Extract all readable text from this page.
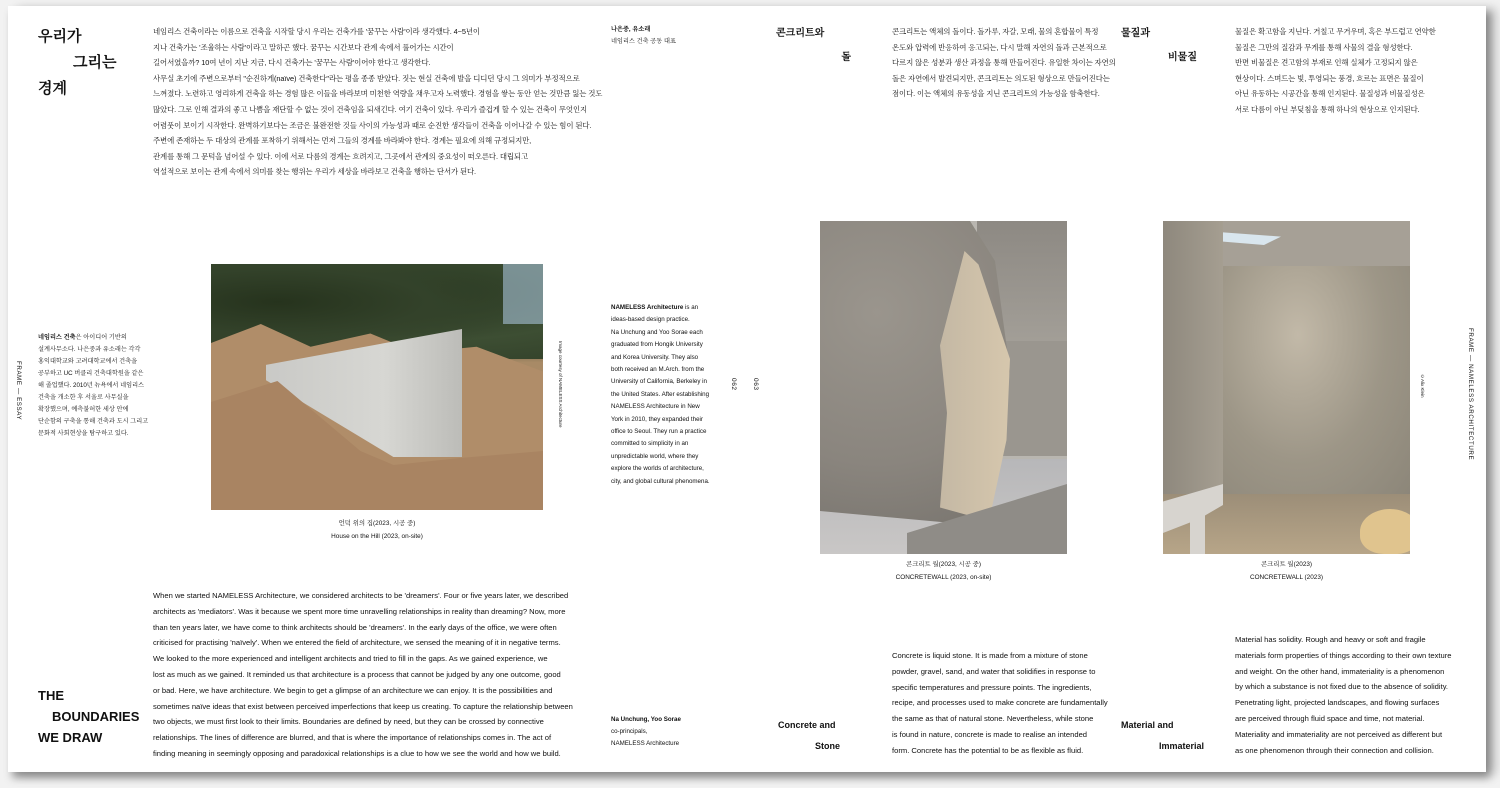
우리가
그리는
경계
네임리스 건축이라는 이름으로 건축을 시작할 당시 우리는 건축가를 '꿈꾸는 사람'이라 생각했다. 4~5년이
지나 건축가는 '조율하는 사람'이라고 말하곤 했다. 꿈꾸는 시간보다 관계 속에서 풀어가는 시간이
길어서였을까? 10여 년이 지난 지금, 다시 건축가는 '꿈꾸는 사람'이어야 한다고 생각한다.
사무실 초기에 주변으로부터 "순진하게(naïve) 건축한다"라는 평을 종종 받았다. 짓는 현실 건축에 발을 디디던 당시 그 의미가 부정적으로
느껴졌다. 노련하고 영리하게 건축을 하는 경험 많은 이들을 바라보며 미천한 역량을 채우고자 노력했다. 경험을 쌓는 동안 얻는 것만큼 잃는 것도
많았다. 그로 인해 결과의 좋고 나쁨을 재단할 수 없는 것이 건축임을 되새긴다. 여기 건축이 있다. 우리가 즐겁게 할 수 있는 건축이 무엇인지
어렴풋이 보이기 시작한다. 완벽하기보다는 조금은 불완전한 것들 사이의 가능성과 때로 순진한 생각들이 건축을 이어나갈 수 있는 힘이 된다.
주변에 존재하는 두 대상의 관계를 포착하기 위해서는 먼저 그들의 경계를 바라봐야 한다. 경계는 필요에 의해 규정되지만,
관계를 통해 그 문턱을 넘어설 수 있다. 이에 서로 다름의 경계는 흐려지고, 그곳에서 관계의 중요성이 떠오른다. 대립되고
역설적으로 보이는 관계 속에서 의미를 찾는 행위는 우리가 세상을 바라보고 건축을 행하는 단서가 된다.
FRAME — ESSAY
네임리스 건축은 아이디어 기반의
설계사무소다. 나은중과 유소래는 각각
홍익대학교와 고려대학교에서 건축을
공부하고 UC 버클리 건축대학원을 같은
해 졸업했다. 2010년 뉴욕에서 네임리스
건축을 개소한 후 서울로 사무실을
확장했으며, 예측불허한 세상 안에
단순함의 구축을 통해 건축과 도시 그리고
문화적 사회현상을 탐구하고 있다.
Image courtesy of NAMELESS Architecture
언덕 위의 집(2023, 시공 중)
House on the Hill (2023, on-site)
나은중, 유소래
네임리스 건축 공동 대표
NAMELESS Architecture is an
ideas-based design practice.
Na Unchung and Yoo Sorae each
graduated from Hongik University
and Korea University. They also
both received an M.Arch. from the
University of California, Berkeley in
the United States. After establishing
NAMELESS Architecture in New
York in 2010, they expanded their
office to Seoul. They run a practice
committed to simplicity in an
unpredictable world, where they
explore the worlds of architecture,
city, and global cultural phenomena.
062 063
THE
BOUNDARIES
WE DRAW
When we started NAMELESS Architecture, we considered architects to be 'dreamers'. Four or five years later, we described
architects as 'mediators'. Was it because we spent more time unravelling relationships in reality than dreaming? Now, more
than ten years later, we have come to think architects should be 'dreamers'. In the early days of the office, we were often
criticised for practising 'naïvely'. When we entered the field of architecture, we sensed the meaning of it in negative terms.
We looked to the more experienced and intelligent architects and tried to fill in the gaps. As we gained experience, we
lost as much as we gained. It reminded us that architecture is a process that cannot be judged by any one outcome, good
or bad. Here, we have architecture. We begin to get a glimpse of an architecture we can enjoy. It is the possibilities and
sometimes naïve ideas that exist between perceived imperfections that keep us creating. To capture the relationship between
two objects, we must first look to their limits. Boundaries are defined by need, but they can be crossed by connective
relationships. The lines of difference are blurred, and that is where the importance of relationships comes in. The act of
finding meaning in seemingly opposing and paradoxical relationships is a clue to how we see the world and how we build.
Na Unchung, Yoo Sorae
co-principals,
NAMELESS Architecture
콘크리트와
돌
콘크리트는 액체의 돌이다. 돌가루, 자갈, 모래, 물의 혼합물이 특정
온도와 압력에 반응하여 응고되는, 다시 말해 자연의 돌과 근본적으로
다르지 않은 성분과 생산 과정을 통해 만들어진다. 유일한 차이는 자연의
돌은 자연에서 발견되지만, 콘크리트는 의도된 형상으로 만들어진다는
점이다. 이는 액체의 유동성을 지닌 콘크리트의 가능성을 함축한다.
물질과
비물질
물질은 확고함을 지닌다. 거칠고 무거우며, 혹은 부드럽고 연약한
물질은 그만의 질감과 무게를 통해 사물의 결을 형성한다.
반면 비물질은 견고함의 부재로 인해 실체가 고정되지 않은
현상이다. 스며드는 빛, 투영되는 풍경, 흐르는 표면은 물질이
아닌 유동하는 시공간을 통해 인지된다. 물질성과 비물질성은
서로 다름이 아닌 부딪침을 통해 하나의 현상으로 인지된다.
콘크리트 월(2023, 시공 중)
CONCRETEWALL (2023, on-site)
©Alix Klein
콘크리트 월(2023)
CONCRETEWALL (2023)
FRAME — NAMELESS ARCHITECTURE
Concrete and
Stone
Concrete is liquid stone. It is made from a mixture of stone
powder, gravel, sand, and water that solidifies in response to
specific temperatures and pressure points. The ingredients,
recipe, and processes used to make concrete are fundamentally
the same as that of natural stone. Nevertheless, while stone
is found in nature, concrete is made to realise an intended
form. Concrete has the potential to be as flexible as fluid.
Material and
Immaterial
Material has solidity. Rough and heavy or soft and fragile
materials form properties of things according to their own texture
and weight. On the other hand, immateriality is a phenomenon
by which a substance is not fixed due to the absence of solidity.
Penetrating light, projected landscapes, and flowing surfaces
are perceived through fluid space and time, not material.
Materiality and immateriality are not perceived as different but
as one phenomenon through their connection and collision.
